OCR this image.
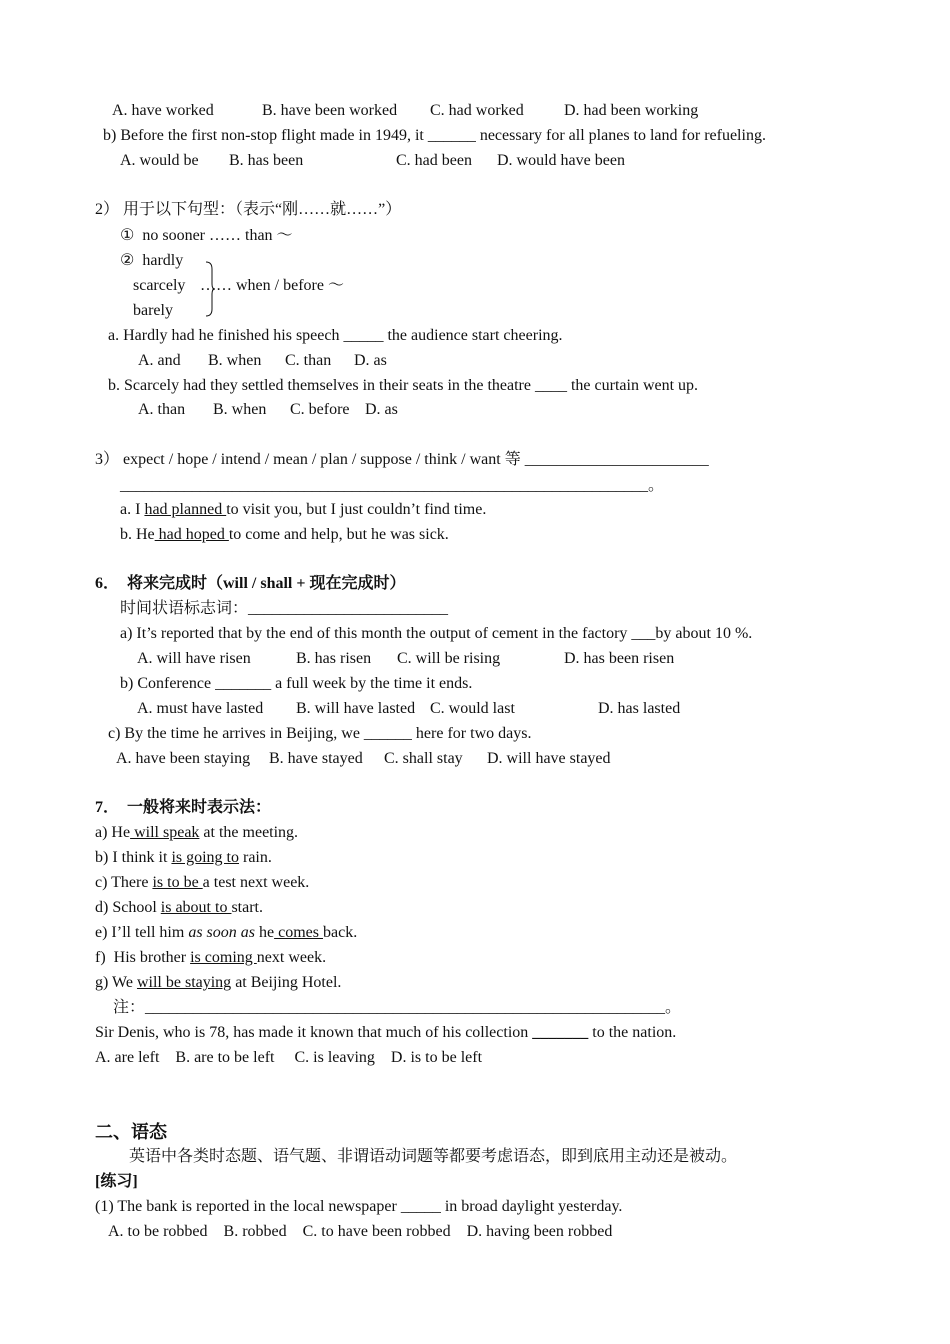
A. have worked	B. have been worked C. had worked	D. had been working
b) Before the first non-stop flight made in 1949, it ______ necessary for all planes to land for refueling.
A. would be B. has been	C. had been D. would have been
2） 用于以下句型：（表示“刚……就……”）
①  no sooner …… than ～
②  hardly
scarcely …… when / before ～
barely
a. Hardly had he finished his speech _____ the audience start cheering.
A. and B. when C. than D. as
b. Scarcely had they settled themselves in their seats in the theatre ____ the curtain went up.
A. than B. when C. before D. as
3） expect / hope / intend / mean / plan / suppose / think / want 等 _______________________
__________________________________________________________________。
a. I had planned to visit you, but I just couldn’t find time.
b. He had hoped to come and help, but he was sick.
6．  将来完成时（will / shall + 现在完成时）
时间状语标志词：_________________________
a) It’s reported that by the end of this month the output of cement in the factory ___by about 10 %.
A. will have risen	B. has risen C. will be rising	D. has been risen
b) Conference _______ a full week by the time it ends.
A. must have lasted B. will have lasted C. would last	D. has lasted
c) By the time he arrives in Beijing, we ______ here for two days.
A. have been staying B. have stayed C. shall stay D. will have stayed
7．  一般将来时表示法：
a) He will speak at the meeting.
b) I think it is going to rain.
c) There is to be a test next week.
d) School is about to start.
e) I’ll tell him as soon as he comes back.
f)  His brother is coming next week.
g) We will be staying at Beijing Hotel.
注：_________________________________________________________________。
Sir Denis, who is 78, has made it known that much of his collection _______ to the nation.
A. are left    B. are to be left     C. is leaving    D. is to be left
二、语态
英语中各类时态题、语气题、非谓语动词题等都要考虑语态，即到底用主动还是被动。
[练习]
(1) The bank is reported in the local newspaper _____ in broad daylight yesterday.
A. to be robbed    B. robbed    C. to have been robbed    D. having been robbed
